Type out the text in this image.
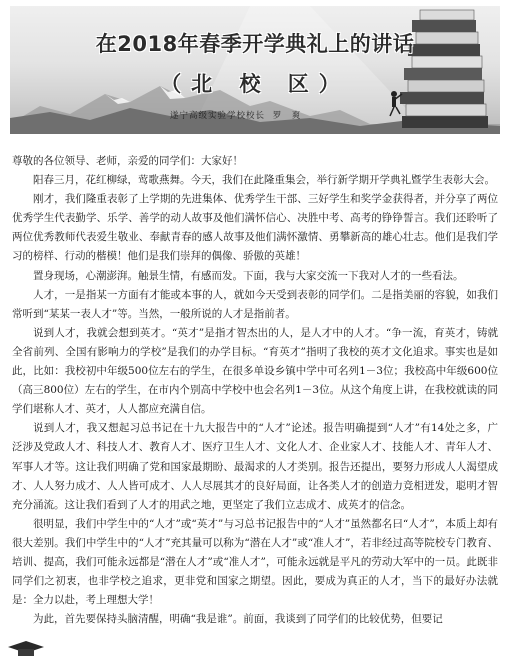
在2018年春季开学典礼上的讲话
（北 校 区）
遂宁高级实验学校校长 罗　爽

尊敬的各位领导、老师，亲爱的同学们：大家好！

阳春三月，花红柳绿，莺歌燕舞。今天，我们在此隆重集会，举行新学期开学典礼暨学生表彰大会。

刚才，我们隆重表彰了上学期的先进集体、优秀学生干部、三好学生和奖学金获得者，并分享了两位优秀学生代表勤学、乐学、善学的动人故事及他们满怀信心、决胜中考、高考的铮铮誓言。我们还聆听了两位优秀教师代表爱生敬业、奉献青春的感人故事及他们满怀激情、勇攀新高的雄心壮志。他们是我们学习的榜样、行动的楷模！他们是我们崇拜的偶像、骄傲的英雄！

置身现场，心潮澎湃。触景生情，有感而发。下面，我与大家交流一下我对人才的一些看法。

人才，一是指某一方面有才能或本事的人，就如今天受到表彰的同学们。二是指美丽的容貌，如我们常听到“某某一表人才”等。当然，一般所说的人才是指前者。

说到人才，我就会想到英才。“英才”是指才智杰出的人，是人才中的人才。“争一流，育英才，铸就全省前列、全国有影响力的学校”是我们的办学目标。“育英才”指明了我校的英才文化追求。事实也是如此，比如：我校初中年级500位左右的学生，在很多单设乡镇中学中可名列1－3位；我校高中年级600位（高三800位）左右的学生，在市内个别高中学校中也会名列1－3位。从这个角度上讲，在我校就读的同学们堪称人才、英才，人人都应充满自信。

说到人才，我又想起习总书记在十九大报告中的“人才”论述。报告明确提到“人才”有14处之多，广泛涉及党政人才、科技人才、教育人才、医疗卫生人才、文化人才、企业家人才、技能人才、青年人才、军事人才等。这让我们明确了党和国家最期盼、最渴求的人才类别。报告还提出，要努力形成人人渴望成才、人人努力成才、人人皆可成才、人人尽展其才的良好局面，让各类人才的创造力竞相迸发，聪明才智充分涌流。这让我们看到了人才的用武之地，更坚定了我们立志成才、成英才的信念。

很明显，我们中学生中的“人才”或“英才”与习总书记报告中的“人才”虽然都名曰“人才”，本质上却有很大差别。我们中学生中的“人才”充其量可以称为“潜在人才”或“准人才”，若非经过高等院校专门教育、培训、提高，我们可能永远都是“潜在人才”或“准人才”，可能永远就是平凡的劳动大军中的一员。此既非同学们之初衷，也非学校之追求，更非党和国家之期望。因此，要成为真正的人才，当下的最好办法就是：全力以赴，考上理想大学！

为此，首先要保持头脑清醒，明确“我是谁”。前面，我谈到了同学们的比较优势，但要记
